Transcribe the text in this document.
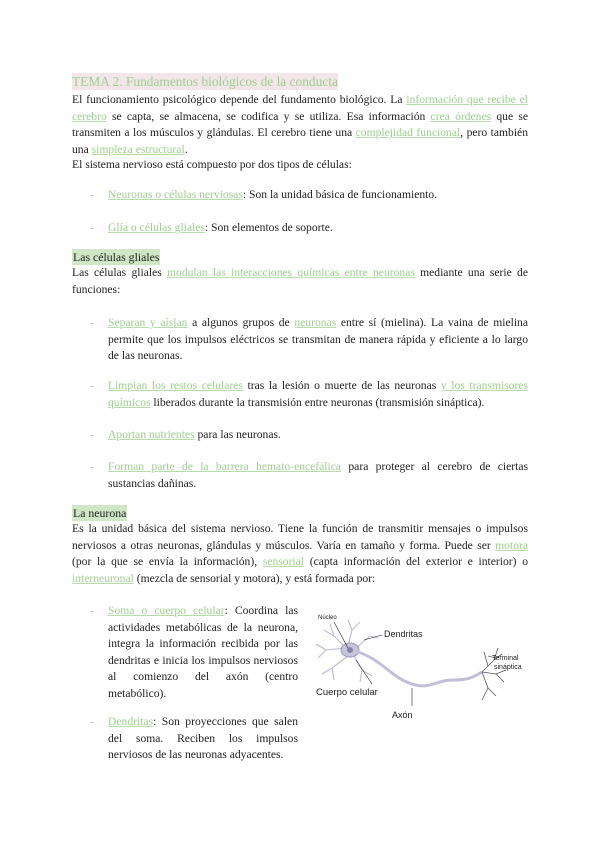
TEMA 2. Fundamentos biológicos de la conducta
El funcionamiento psicológico depende del fundamento biológico. La información que recibe el cerebro se capta, se almacena, se codifica y se utiliza. Esa información crea órdenes que se transmiten a los músculos y glándulas. El cerebro tiene una complejidad funcional, pero también una simpleza estructural.
El sistema nervioso está compuesto por dos tipos de células:
- Neuronas o células nerviosas: Son la unidad básica de funcionamiento.
- Glía o células gliales: Son elementos de soporte.
Las células gliales
Las células gliales modulan las interacciones químicas entre neuronas mediante una serie de funciones:
- Separan y aíslan a algunos grupos de neuronas entre sí (mielina). La vaina de mielina permite que los impulsos eléctricos se transmitan de manera rápida y eficiente a lo largo de las neuronas.
- Limpian los restos celulares tras la lesión o muerte de las neuronas y los transmisores químicos liberados durante la transmisión entre neuronas (transmisión sináptica).
- Aportan nutrientes para las neuronas.
- Forman parte de la barrera hemato-encefálica para proteger al cerebro de ciertas sustancias dañinas.
La neurona
Es la unidad básica del sistema nervioso. Tiene la función de transmitir mensajes o impulsos nerviosos a otras neuronas, glándulas y músculos. Varía en tamaño y forma. Puede ser motora (por la que se envía la información), sensorial (capta información del exterior e interior) o interneuronal (mezcla de sensorial y motora), y está formada por:
- Soma o cuerpo celular: Coordina las actividades metabólicas de la neurona, integra la información recibida por las dendritas e inicia los impulsos nerviosos al comienzo del axón (centro metabólico).
- Dendritas: Son proyecciones que salen del soma. Reciben los impulsos nerviosos de las neuronas adyacentes.
Núcleo
Dendritas
Terminal
sináptica
Cuerpo celular
Axón
